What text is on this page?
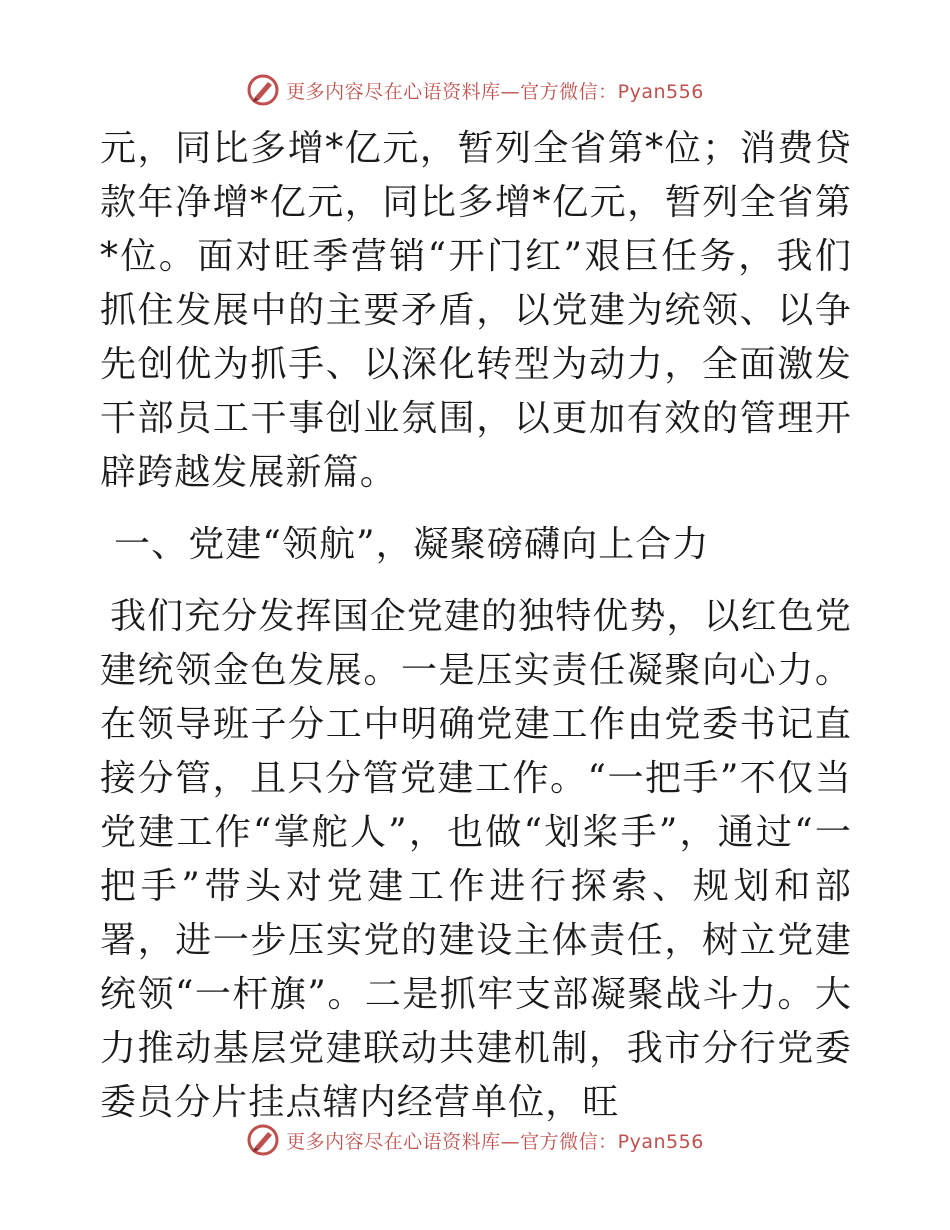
更多内容尽在心语资料库—官方微信：Pyan556

元，同比多增*亿元，暂列全省第*位；消费贷款年净增*亿元，同比多增*亿元，暂列全省第*位。面对旺季营销“开门红”艰巨任务，我们抓住发展中的主要矛盾，以党建为统领、以争先创优为抓手、以深化转型为动力，全面激发干部员工干事创业氛围，以更加有效的管理开辟跨越发展新篇。

一、党建“领航”，凝聚磅礴向上合力

我们充分发挥国企党建的独特优势，以红色党建统领金色发展。一是压实责任凝聚向心力。在领导班子分工中明确党建工作由党委书记直接分管，且只分管党建工作。“一把手”不仅当党建工作“掌舵人”，也做“划桨手”，通过“一把手”带头对党建工作进行探索、规划和部署，进一步压实党的建设主体责任，树立党建统领“一杆旗”。二是抓牢支部凝聚战斗力。大力推动基层党建联动共建机制，我市分行党委委员分片挂点辖内经营单位，旺

更多内容尽在心语资料库—官方微信：Pyan556
